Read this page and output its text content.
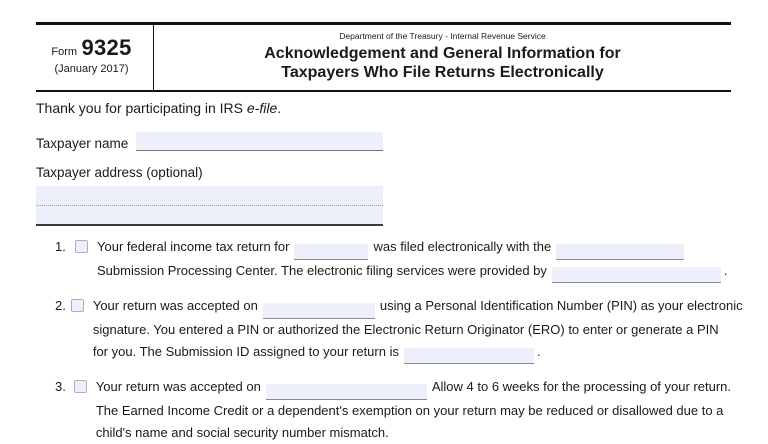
Form 9325
(January 2017)
Department of the Treasury - Internal Revenue Service
Acknowledgement and General Information for
Taxpayers Who File Returns Electronically
Thank you for participating in IRS e-file.
Taxpayer name
Taxpayer address (optional)
1.	Your federal income tax return for	was filed electronically with the
Submission Processing Center. The electronic filing services were provided by	.
2. Your return was accepted on	using a Personal Identification Number (PIN) as your electronic
signature. You entered a PIN or authorized the Electronic Return Originator (ERO) to enter or generate a PIN
for you. The Submission ID assigned to your return is	.
3. Your return was accepted on	Allow 4 to 6 weeks for the processing of your return.
The Earned Income Credit or a dependent's exemption on your return may be reduced or disallowed due to a
child's name and social security number mismatch.
